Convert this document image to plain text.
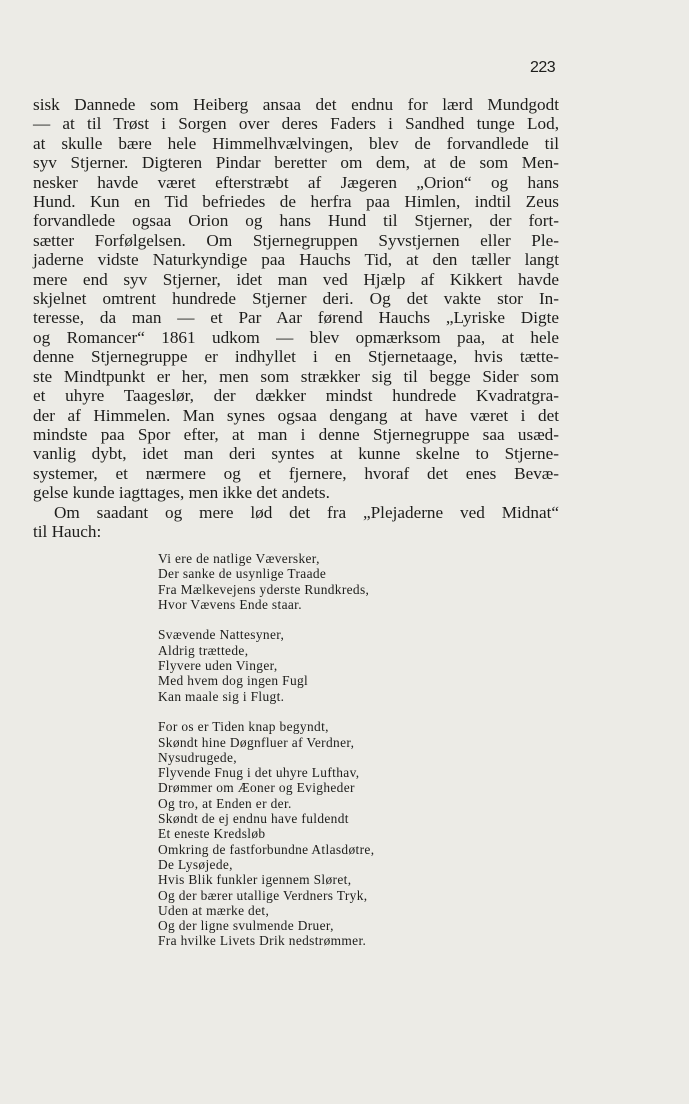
223
sisk Dannede som Heiberg ansaa det endnu for lærd Mundgodt
— at til Trøst i Sorgen over deres Faders i Sandhed tunge Lod,
at skulle bære hele Himmelhvælvingen, blev de forvandlede til
syv Stjerner. Digteren Pindar beretter om dem, at de som Men-
nesker havde været efterstræbt af Jægeren „Orion“ og hans
Hund. Kun en Tid befriedes de herfra paa Himlen, indtil Zeus
forvandlede ogsaa Orion og hans Hund til Stjerner, der fort-
sætter Forfølgelsen. Om Stjernegruppen Syvstjernen eller Ple-
jaderne vidste Naturkyndige paa Hauchs Tid, at den tæller langt
mere end syv Stjerner, idet man ved Hjælp af Kikkert havde
skjelnet omtrent hundrede Stjerner deri. Og det vakte stor In-
teresse, da man — et Par Aar førend Hauchs „Lyriske Digte
og Romancer“ 1861 udkom — blev opmærksom paa, at hele
denne Stjernegruppe er indhyllet i en Stjernetaage, hvis tætte-
ste Mindtpunkt er her, men som strækker sig til begge Sider som
et uhyre Taageslør, der dækker mindst hundrede Kvadratgra-
der af Himmelen. Man synes ogsaa dengang at have været i det
mindste paa Spor efter, at man i denne Stjernegruppe saa usæd-
vanlig dybt, idet man deri syntes at kunne skelne to Stjerne-
systemer, et nærmere og et fjernere, hvoraf det enes Bevæ-
gelse kunde iagttages, men ikke det andets.
Om saadant og mere lød det fra „Plejaderne ved Midnat“
til Hauch:
Vi ere de natlige Væversker,
Der sanke de usynlige Traade
Fra Mælkevejens yderste Rundkreds,
Hvor Vævens Ende staar.
Svævende Nattesyner,
Aldrig trættede,
Flyvere uden Vinger,
Med hvem dog ingen Fugl
Kan maale sig i Flugt.
For os er Tiden knap begyndt,
Skøndt hine Døgnfluer af Verdner,
Nysudrugede,
Flyvende Fnug i det uhyre Lufthav,
Drømmer om Æoner og Evigheder
Og tro, at Enden er der.
Skøndt de ej endnu have fuldendt
Et eneste Kredsløb
Omkring de fastforbundne Atlasdøtre,
De Lysøjede,
Hvis Blik funkler igennem Sløret,
Og der bærer utallige Verdners Tryk,
Uden at mærke det,
Og der ligne svulmende Druer,
Fra hvilke Livets Drik nedstrømmer.
